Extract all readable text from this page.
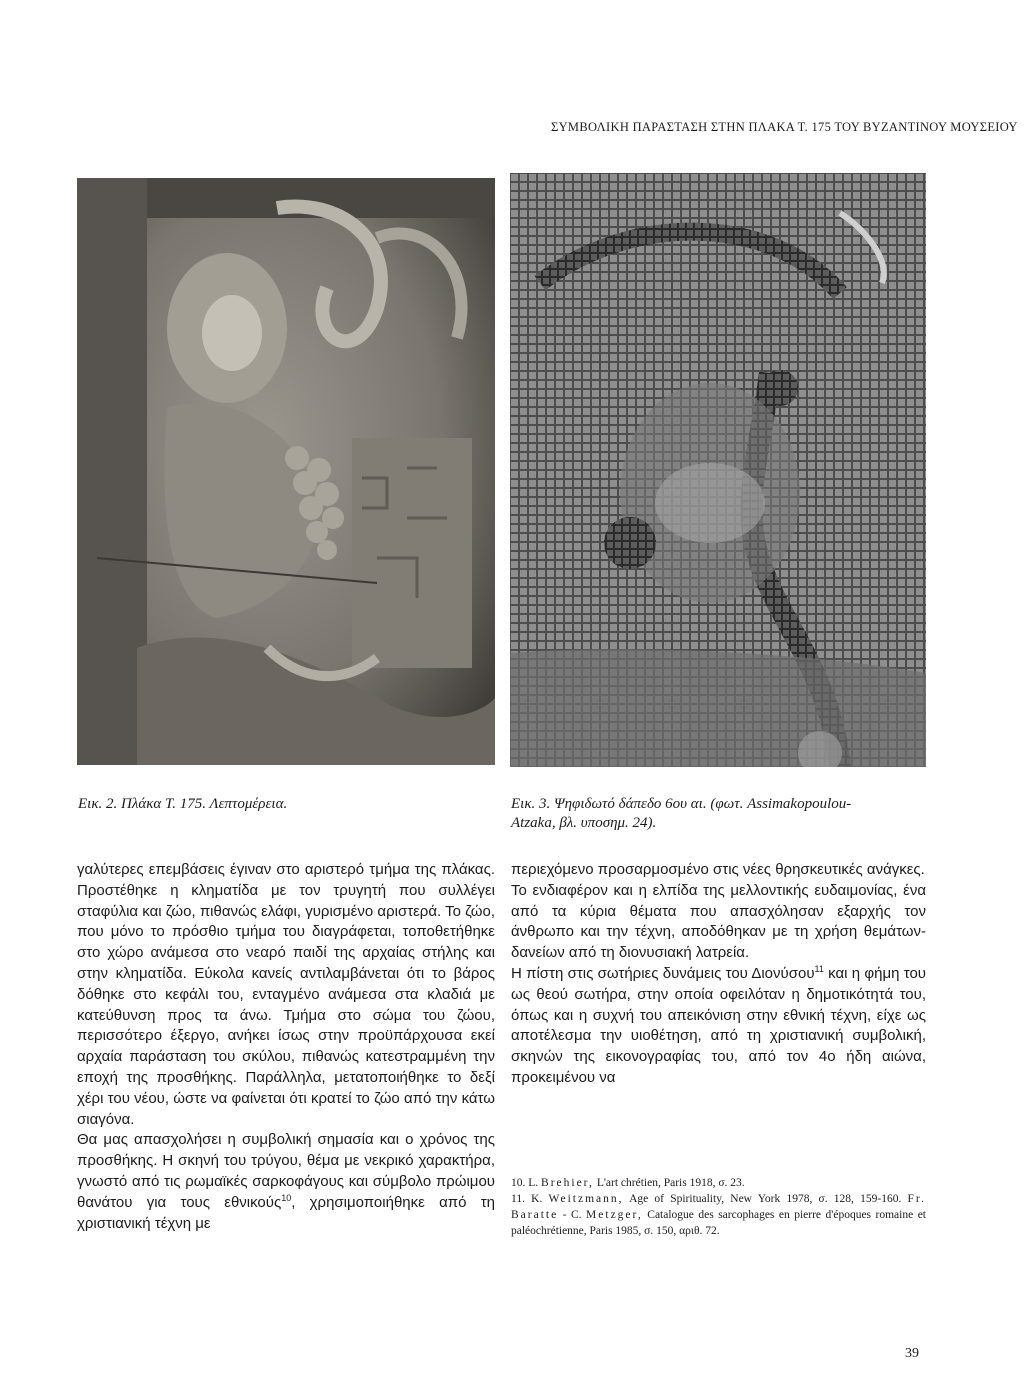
ΣΥΜΒΟΛΙΚΗ ΠΑΡΑΣΤΑΣΗ ΣΤΗΝ ΠΛΑΚΑ Τ. 175 ΤΟΥ ΒΥΖΑΝΤΙΝΟΥ ΜΟΥΣΕΙΟΥ
Εικ. 2. Πλάκα Τ. 175. Λεπτομέρεια.	Εικ. 3. Ψηφιδωτό δάπεδο 6ου αι. (φωτ. Assimakopoulou-
Atzaka, βλ. υποσημ. 24).

γαλύτερες επεμβάσεις έγιναν στο αριστερό τμήμα της πλάκας. Προστέθηκε η κληματίδα με τον τρυγητή που συλλέγει σταφύλια και ζώο, πιθανώς ελάφι, γυρισμένο αριστερά. Το ζώο, που μόνο το πρόσθιο τμήμα του διαγράφεται, τοποθετήθηκε στο χώρο ανάμεσα στο νεαρό παιδί της αρχαίας στήλης και στην κληματίδα. Εύκολα κανείς αντιλαμβάνεται ότι το βάρος δόθηκε στο κεφάλι του, ενταγμένο ανάμεσα στα κλαδιά με κατεύθυνση προς τα άνω. Τμήμα στο σώμα του ζώου, περισσότερο έξεργο, ανήκει ίσως στην προϋπάρχουσα εκεί αρχαία παράσταση του σκύλου, πιθανώς κατεστραμμένη την εποχή της προσθήκης. Παράλληλα, μετατοποιήθηκε το δεξί χέρι του νέου, ώστε να φαίνεται ότι κρατεί το ζώο από την κάτω σιαγόνα.

Θα μας απασχολήσει η συμβολική σημασία και ο χρόνος της προσθήκης. Η σκηνή του τρύγου, θέμα με νεκρικό χαρακτήρα, γνωστό από τις ρωμαϊκές σαρκοφάγους και σύμβολο πρώιμου θανάτου για τους εθνικούς$^{10}$, χρησιμοποιήθηκε από τη χριστιανική τέχνη με

περιεχόμενο προσαρμοσμένο στις νέες θρησκευτικές ανάγκες.

Το ενδιαφέρον και η ελπίδα της μελλοντικής ευδαιμονίας, ένα από τα κύρια θέματα που απασχόλησαν εξαρχής τον άνθρωπο και την τέχνη, αποδόθηκαν με τη χρήση θεμάτων-δανείων από τη διονυσιακή λατρεία.

Η πίστη στις σωτήριες δυνάμεις του Διονύσου$^{11}$ και η φήμη του ως θεού σωτήρα, στην οποία οφειλόταν η δημοτικότητά του, όπως και η συχνή του απεικόνιση στην εθνική τέχνη, είχε ως αποτέλεσμα την υιοθέτηση, από τη χριστιανική συμβολική, σκηνών της εικονογραφίας του, από τον 4ο ήδη αιώνα, προκειμένου να

10. L. Brehier, L'art chrétien, Paris 1918, σ. 23.

11. K. Weitzmann, Age of Spirituality, New York 1978, σ. 128, 159-160. Fr. Baratte - C. Metzger, Catalogue des sarcophages en pierre d'époques romaine et paléochrétienne, Paris 1985, σ. 150, αριθ. 72.

39
